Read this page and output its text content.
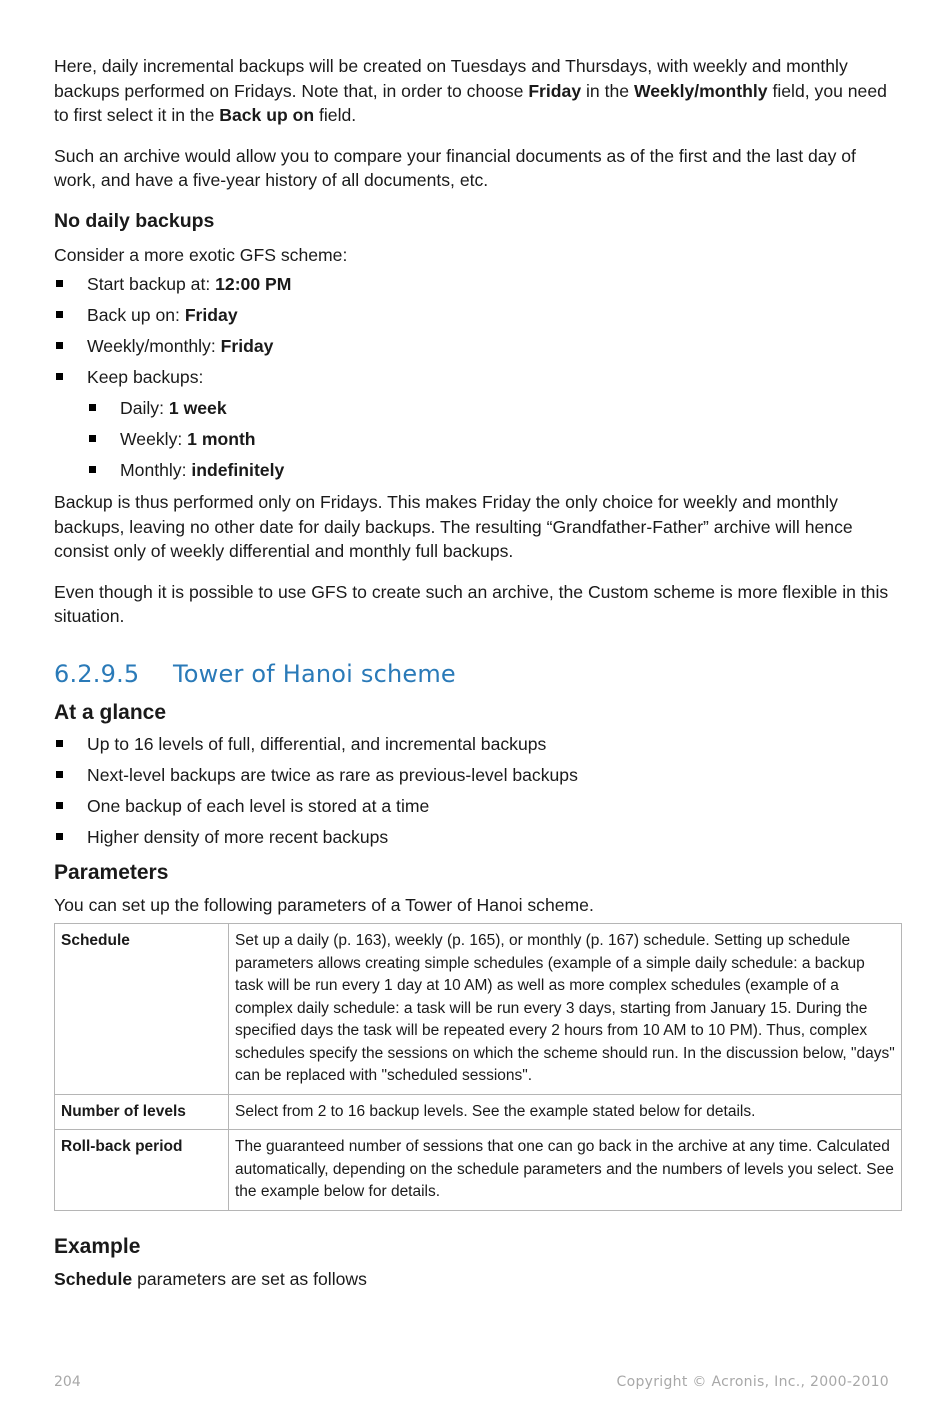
Here, daily incremental backups will be created on Tuesdays and Thursdays, with weekly and monthly backups performed on Fridays. Note that, in order to choose Friday in the Weekly/monthly field, you need to first select it in the Back up on field.

Such an archive would allow you to compare your financial documents as of the first and the last day of work, and have a five-year history of all documents, etc.

No daily backups

Consider a more exotic GFS scheme:

Start backup at: 12:00 PM
Back up on: Friday
Weekly/monthly: Friday
Keep backups:
Daily: 1 week
Weekly: 1 month
Monthly: indefinitely

Backup is thus performed only on Fridays. This makes Friday the only choice for weekly and monthly backups, leaving no other date for daily backups. The resulting “Grandfather-Father” archive will hence consist only of weekly differential and monthly full backups.

Even though it is possible to use GFS to create such an archive, the Custom scheme is more flexible in this situation.

6.2.9.5 Tower of Hanoi scheme
At a glance
Up to 16 levels of full, differential, and incremental backups
Next-level backups are twice as rare as previous-level backups
One backup of each level is stored at a time
Higher density of more recent backups
Parameters

You can set up the following parameters of a Tower of Hanoi scheme.

Schedule	Set up a daily (p. 163), weekly (p. 165), or monthly (p. 167) schedule. Setting up schedule parameters allows creating simple schedules (example of a simple daily schedule: a backup task will be run every 1 day at 10 AM) as well as more complex schedules (example of a complex daily schedule: a task will be run every 3 days, starting from January 15. During the specified days the task will be repeated every 2 hours from 10 AM to 10 PM). Thus, complex schedules specify the sessions on which the scheme should run. In the discussion below, "days" can be replaced with "scheduled sessions".
Number of levels	Select from 2 to 16 backup levels. See the example stated below for details.
Roll-back period	The guaranteed number of sessions that one can go back in the archive at any time. Calculated automatically, depending on the schedule parameters and the numbers of levels you select. See the example below for details.
Example

Schedule parameters are set as follows

204	Copyright © Acronis, Inc., 2000-2010
